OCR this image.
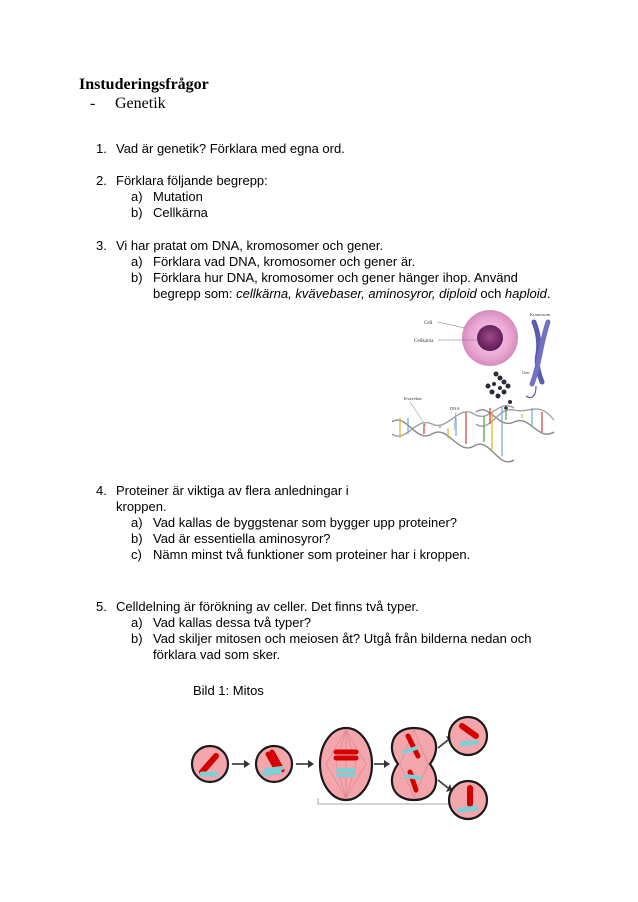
Instuderingsfrågor
- Genetik
1. Vad är genetik? Förklara med egna ord.
2. Förklara följande begrepp:
a) Mutation
b) Cellkärna
3. Vi har pratat om DNA, kromosomer och gener.
a) Förklara vad DNA, kromosomer och gener är.
b) Förklara hur DNA, kromosomer och gener hänger ihop. Använd
begrepp som: cellkärna, kvävebaser, aminosyror, diploid och haploid.
Cell
Cellkärna
Kromosom
Gen
Kvävebas
DNA
4. Proteiner är viktiga av flera anledningar i
kroppen.
a) Vad kallas de byggstenar som bygger upp proteiner?
b) Vad är essentiella aminosyror?
c) Nämn minst två funktioner som proteiner har i kroppen.
5. Celldelning är förökning av celler. Det finns två typer.
a) Vad kallas dessa två typer?
b) Vad skiljer mitosen och meiosen åt? Utgå från bilderna nedan och
förklara vad som sker.
Bild 1: Mitos
